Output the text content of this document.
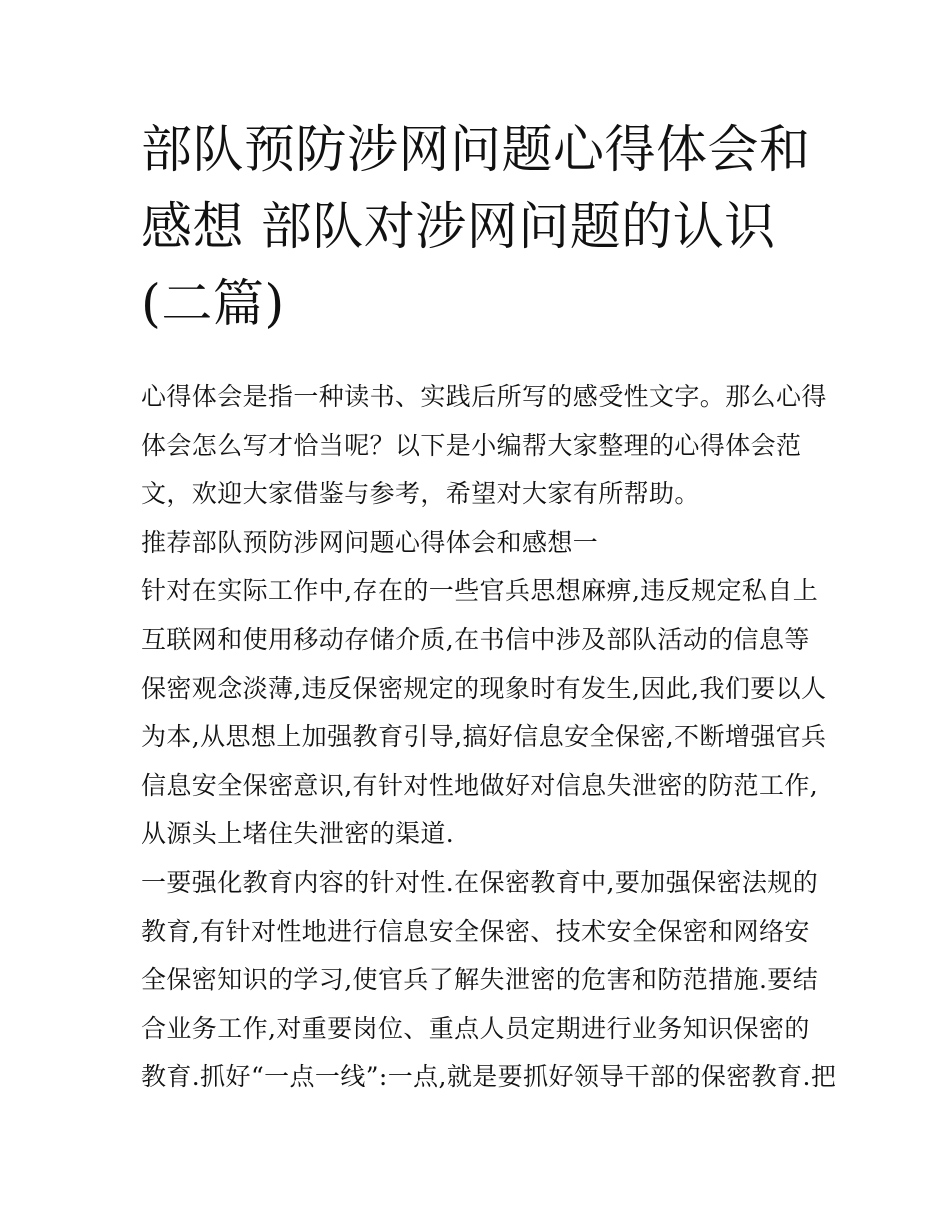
部队预防涉网问题心得体会和
感想 部队对涉网问题的认识
(二篇)
心得体会是指一种读书、实践后所写的感受性文字。那么心得
体会怎么写才恰当呢？以下是小编帮大家整理的心得体会范
文，欢迎大家借鉴与参考，希望对大家有所帮助。
推荐部队预防涉网问题心得体会和感想一
针对在实际工作中,存在的一些官兵思想麻痹,违反规定私自上
互联网和使用移动存储介质,在书信中涉及部队活动的信息等
保密观念淡薄,违反保密规定的现象时有发生,因此,我们要以人
为本,从思想上加强教育引导,搞好信息安全保密,不断增强官兵
信息安全保密意识,有针对性地做好对信息失泄密的防范工作,
从源头上堵住失泄密的渠道.
一要强化教育内容的针对性.在保密教育中,要加强保密法规的
教育,有针对性地进行信息安全保密、技术安全保密和网络安
全保密知识的学习,使官兵了解失泄密的危害和防范措施.要结
合业务工作,对重要岗位、重点人员定期进行业务知识保密的
教育.抓好“一点一线”:一点,就是要抓好领导干部的保密教育.把
